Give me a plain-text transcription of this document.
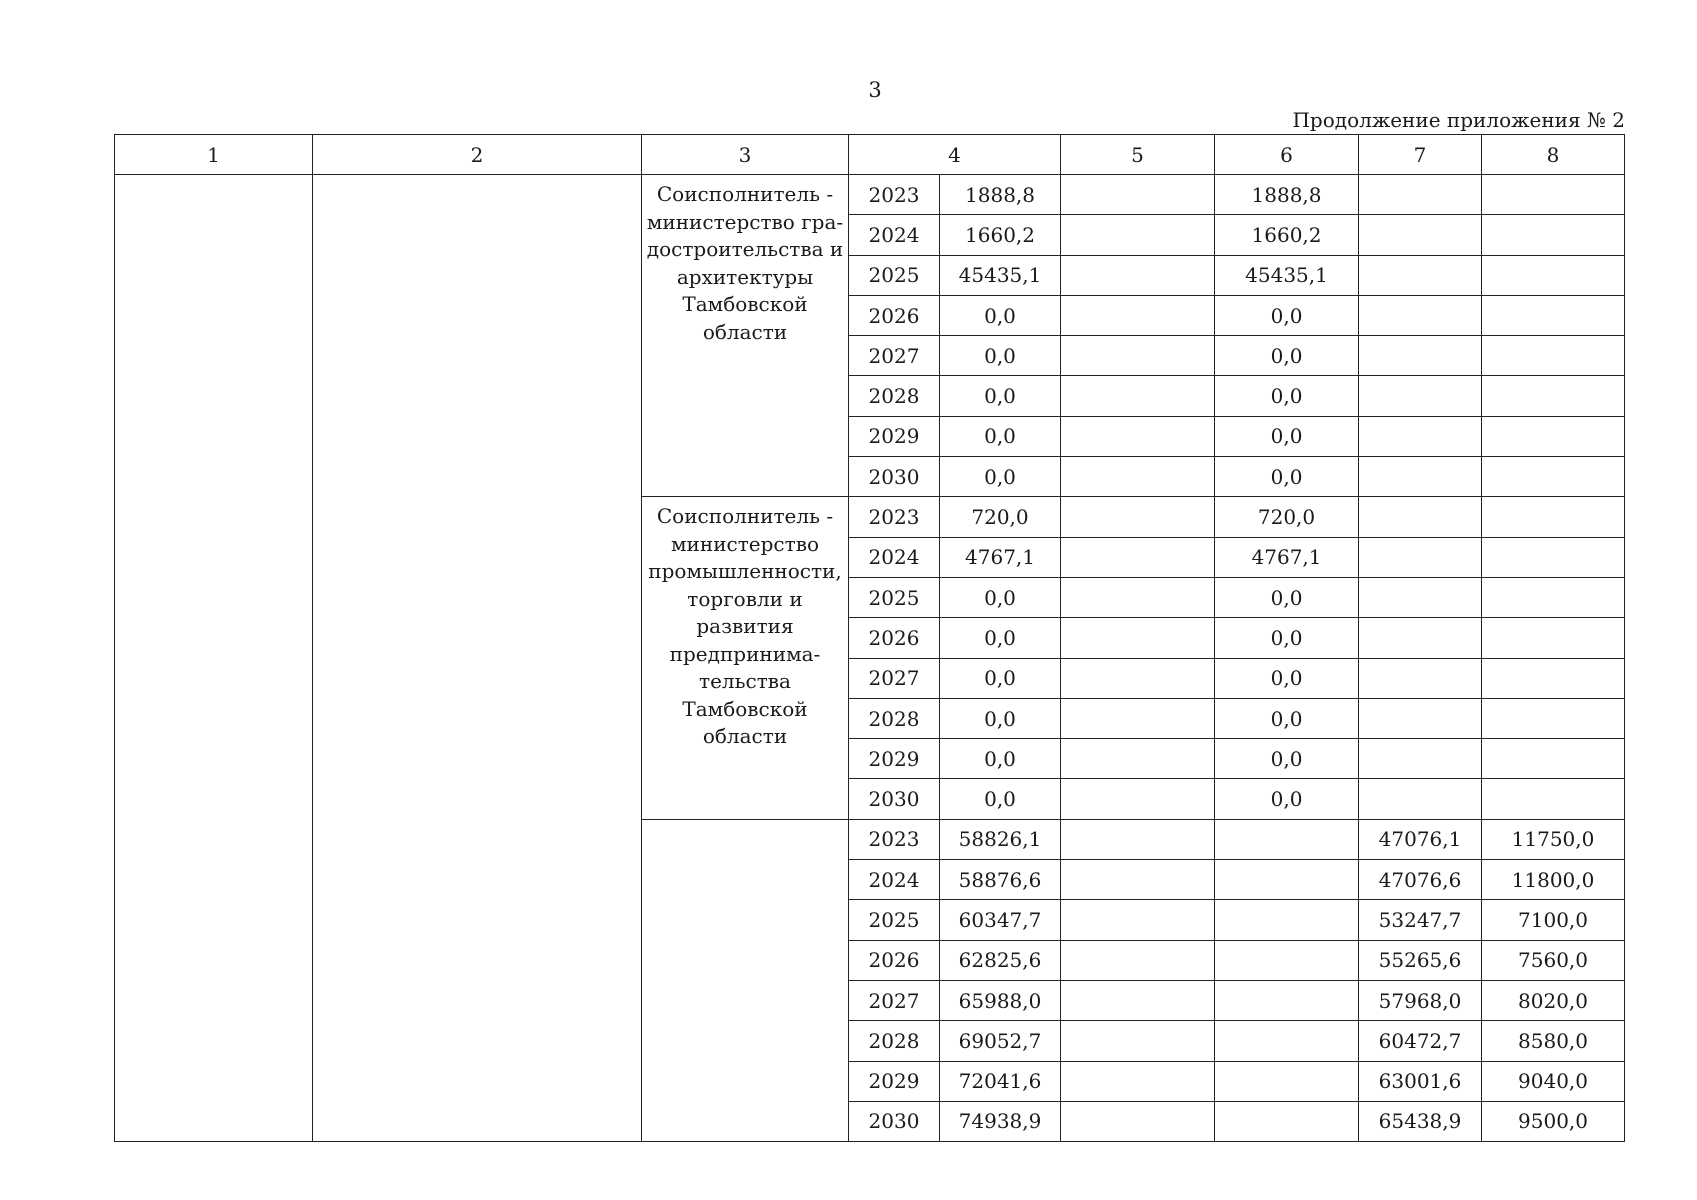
3
Продолжение приложения № 2
1	2	3	4		5	6	7	8
		Соисполнитель - министерство гра-достроительства и архитектуры Тамбовской области	2023	1888,8		1888,8		
			2024	1660,2		1660,2		
			2025	45435,1		45435,1		
			2026	0,0		0,0		
			2027	0,0		0,0		
			2028	0,0		0,0		
			2029	0,0		0,0		
			2030	0,0		0,0		
		Соисполнитель - министерство промышленности, торговли и развития предпринима-тельства Тамбовской области	2023	720,0		720,0		
			2024	4767,1		4767,1		
			2025	0,0		0,0		
			2026	0,0		0,0		
			2027	0,0		0,0		
			2028	0,0		0,0		
			2029	0,0		0,0		
			2030	0,0		0,0		
			2023	58826,1			47076,1	11750,0
			2024	58876,6			47076,6	11800,0
			2025	60347,7			53247,7	7100,0
			2026	62825,6			55265,6	7560,0
			2027	65988,0			57968,0	8020,0
			2028	69052,7			60472,7	8580,0
			2029	72041,6			63001,6	9040,0
			2030	74938,9			65438,9	9500,0
